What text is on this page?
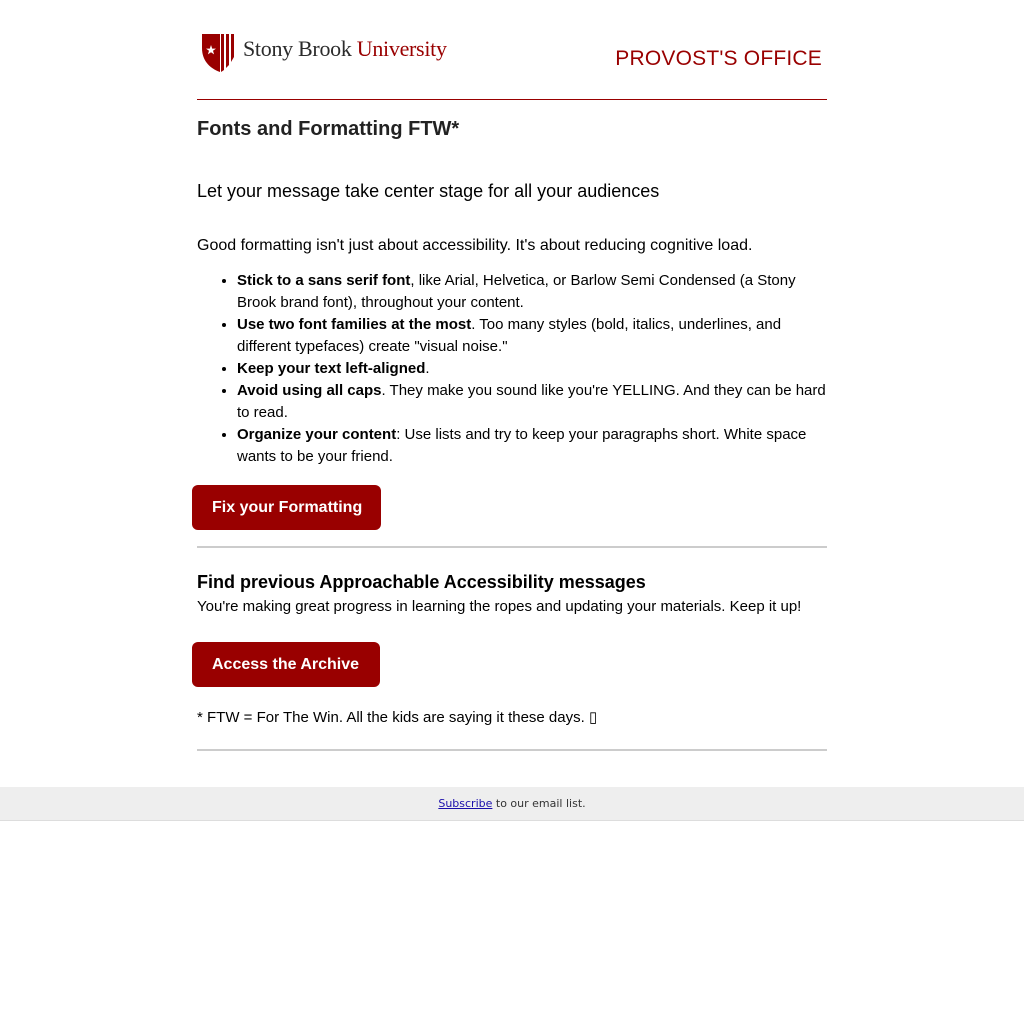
Stony Brook University	PROVOST'S OFFICE
Fonts and Formatting FTW*

Let your message take center stage for all your audiences

Good formatting isn't just about accessibility. It's about reducing cognitive load.

• Stick to a sans serif font, like Arial, Helvetica, or Barlow Semi Condensed (a Stony Brook brand font), throughout your content.
• Use two font families at the most. Too many styles (bold, italics, underlines, and different typefaces) create "visual noise."
• Keep your text left-aligned.
• Avoid using all caps. They make you sound like you're YELLING. And they can be hard to read.
• Organize your content: Use lists and try to keep your paragraphs short. White space wants to be your friend.
Fix your Formatting
Find previous Approachable Accessibility messages

You're making great progress in learning the ropes and updating your materials. Keep it up!

Access the Archive

* FTW = For The Win. All the kids are saying it these days. ▯

Subscribe to our email list.
